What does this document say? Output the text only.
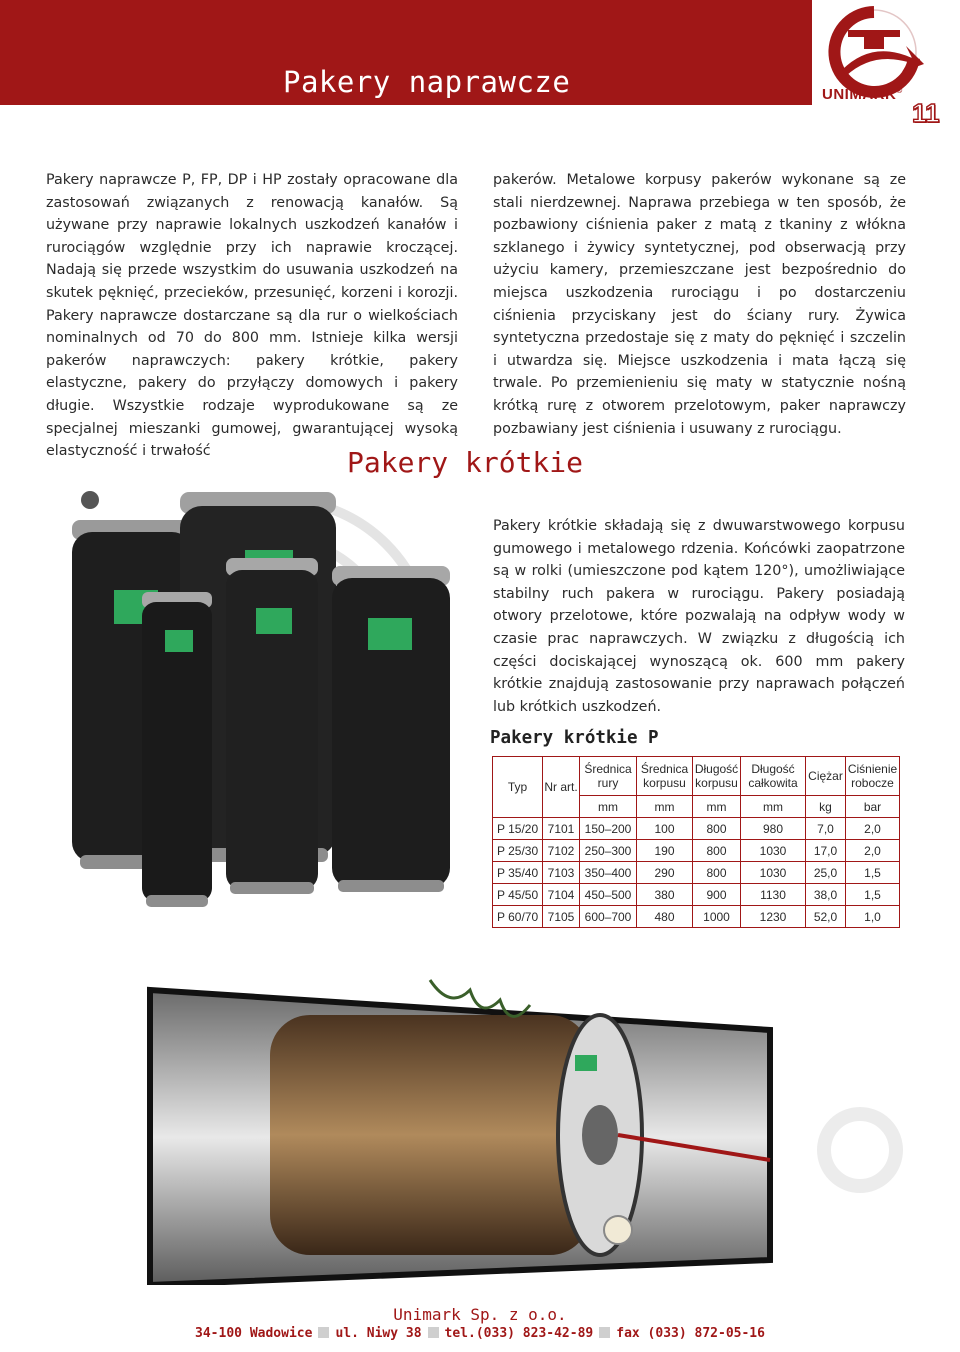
Pakery naprawcze	UNIMARK®
11

Pakery naprawcze P, FP, DP i HP zostały opracowane dla zastosowań związanych z renowacją kanałów. Są używane przy naprawie lokalnych uszkodzeń kanałów i rurociągów względnie przy ich naprawie kroczącej. Nadają się przede wszystkim do usuwania uszkodzeń na skutek pęknięć, przecieków, przesunięć, korzeni i korozji. Pakery naprawcze dostarczane są dla rur o wielkościach nominalnych od 70 do 800 mm. Istnieje kilka wersji pakerów naprawczych: pakery krótkie, pakery elastyczne, pakery do przyłączy domowych i pakery długie. Wszystkie rodzaje wyprodukowane są ze specjalnej mieszanki gumowej, gwarantującej wysoką elastyczność i trwałość

pakerów. Metalowe korpusy pakerów wykonane są ze stali nierdzewnej. Naprawa przebiega w ten sposób, że pozbawiony ciśnienia paker z matą z tkaniny z włókna szklanego i żywicy syntetycznej, pod obserwacją przy użyciu kamery, przemieszczane jest bezpośrednio do miejsca uszkodzenia rurociągu i po dostarczeniu ciśnienia przyciskany jest do ściany rury. Żywica syntetyczna przedostaje się z maty do pęknięć i szczelin i utwardza się. Miejsce uszkodzenia i mata łączą się trwale. Po przemienieniu się maty w statycznie nośną krótką rurę z otworem przelotowym, paker naprawczy pozbawiany jest ciśnienia i usuwany z rurociągu.

Pakery krótkie

Pakery krótkie składają się z dwuwarstwowego korpusu gumowego i metalowego rdzenia. Końcówki zaopatrzone są w rolki (umieszczone pod kątem 120°), umożliwiające stabilny ruch pakera w rurociągu. Pakery posiadają otwory przelotowe, które pozwalają na odpływ wody w czasie prac naprawczych. W związku z długością ich części dociskającej wynoszącą ok. 600 mm pakery krótkie znajdują zastosowanie przy naprawach połączeń lub krótkich uszkodzeń.

Pakery krótkie P
Typ	Nr art.	Średnica rury	Średnica korpusu	Długość korpusu	Długość całkowita	Ciężar	Ciśnienie robocze
		mm	mm	mm	mm	kg	bar
P 15/20	7101	150–200	100	800	980	7,0	2,0
P 25/30	7102	250–300	190	800	1030	17,0	2,0
P 35/40	7103	350–400	290	800	1030	25,0	1,5
P 45/50	7104	450–500	380	900	1130	38,0	1,5
P 60/70	7105	600–700	480	1000	1230	52,0	1,0
Unimark Sp. z o.o.
34-100 Wadowice ul. Niwy 38 tel.(033) 823-42-89 fax (033) 872-05-16
